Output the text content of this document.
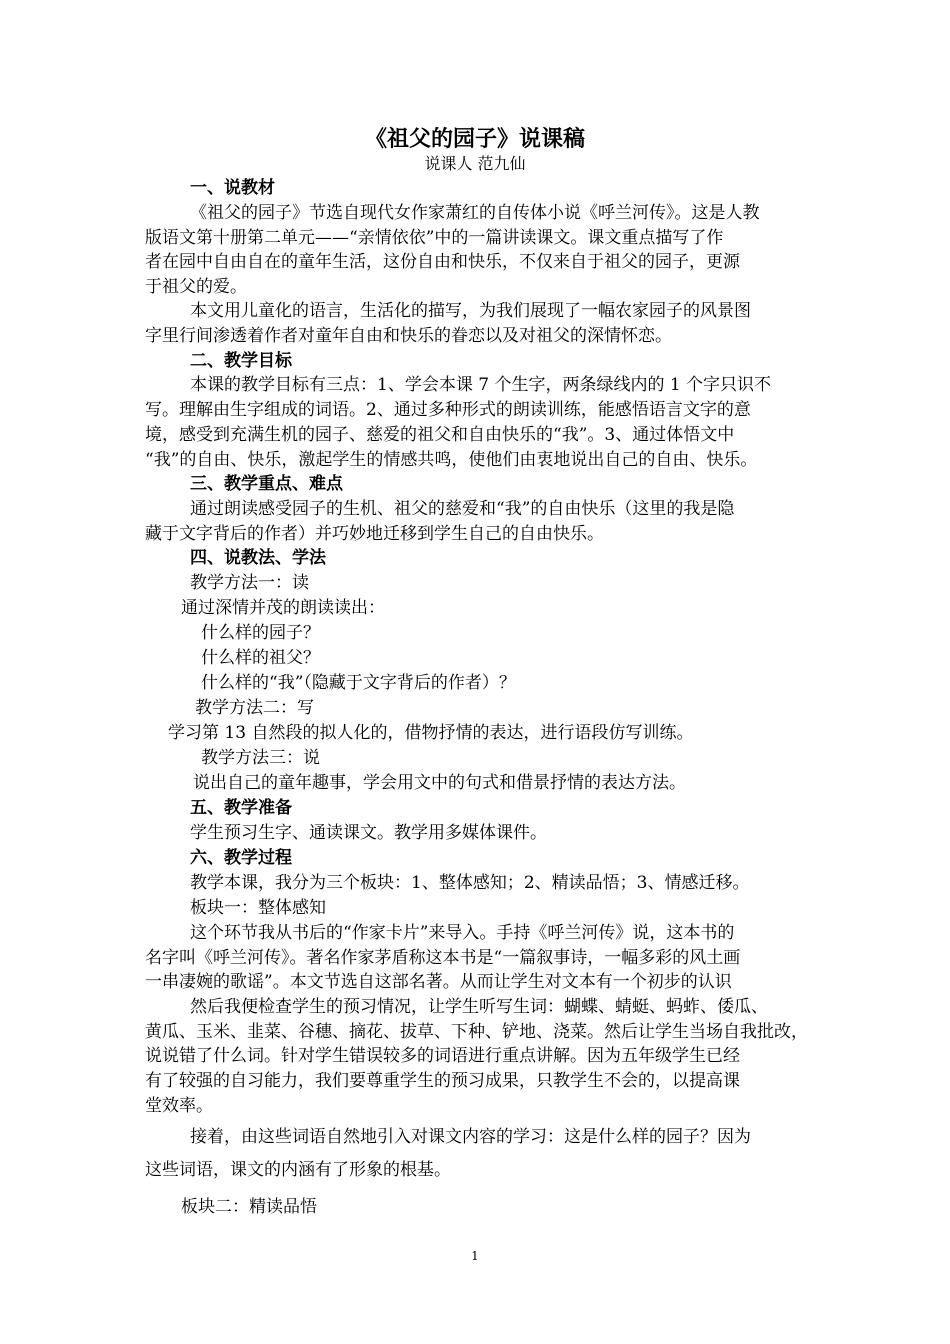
《祖父的园子》说课稿
说课人 范九仙
一、说教材
《祖父的园子》节选自现代女作家萧红的自传体小说《呼兰河传》。这是人教
版语文第十册第二单元——“亲情依依”中的一篇讲读课文。课文重点描写了作
者在园中自由自在的童年生活，这份自由和快乐，不仅来自于祖父的园子，更源
于祖父的爱。
本文用儿童化的语言，生活化的描写，为我们展现了一幅农家园子的风景图
字里行间渗透着作者对童年自由和快乐的眷恋以及对祖父的深情怀恋。
二、教学目标
本课的教学目标有三点：1、学会本课 7 个生字，两条绿线内的 1 个字只识不
写。理解由生字组成的词语。2、通过多种形式的朗读训练，能感悟语言文字的意
境，感受到充满生机的园子、慈爱的祖父和自由快乐的“我”。3、通过体悟文中
“我”的自由、快乐，激起学生的情感共鸣，使他们由衷地说出自己的自由、快乐。
三、教学重点、难点
通过朗读感受园子的生机、祖父的慈爱和“我”的自由快乐（这里的我是隐
藏于文字背后的作者）并巧妙地迁移到学生自己的自由快乐。
四、说教法、学法
教学方法一：读
通过深情并茂的朗读读出：
什么样的园子？
什么样的祖父？
什么样的“我”（隐藏于文字背后的作者）？
教学方法二：写
学习第 13 自然段的拟人化的，借物抒情的表达，进行语段仿写训练。
教学方法三：说
说出自己的童年趣事，学会用文中的句式和借景抒情的表达方法。
五、教学准备
学生预习生字、通读课文。教学用多媒体课件。
六、教学过程
教学本课，我分为三个板块：1、整体感知；2、精读品悟；3、情感迁移。
板块一：整体感知
这个环节我从书后的“作家卡片”来导入。手持《呼兰河传》说，这本书的
名字叫《呼兰河传》。著名作家茅盾称这本书是“一篇叙事诗，一幅多彩的风土画
一串凄婉的歌谣”。本文节选自这部名著。从而让学生对文本有一个初步的认识
然后我便检查学生的预习情况，让学生听写生词：蝴蝶、蜻蜓、蚂蚱、倭瓜、
黄瓜、玉米、韭菜、谷穗、摘花、拔草、下种、铲地、浇菜。然后让学生当场自我批改，
说说错了什么词。针对学生错误较多的词语进行重点讲解。因为五年级学生已经
有了较强的自习能力，我们要尊重学生的预习成果，只教学生不会的，以提高课
堂效率。
接着，由这些词语自然地引入对课文内容的学习：这是什么样的园子？因为
这些词语，课文的内涵有了形象的根基。
板块二：精读品悟
1
